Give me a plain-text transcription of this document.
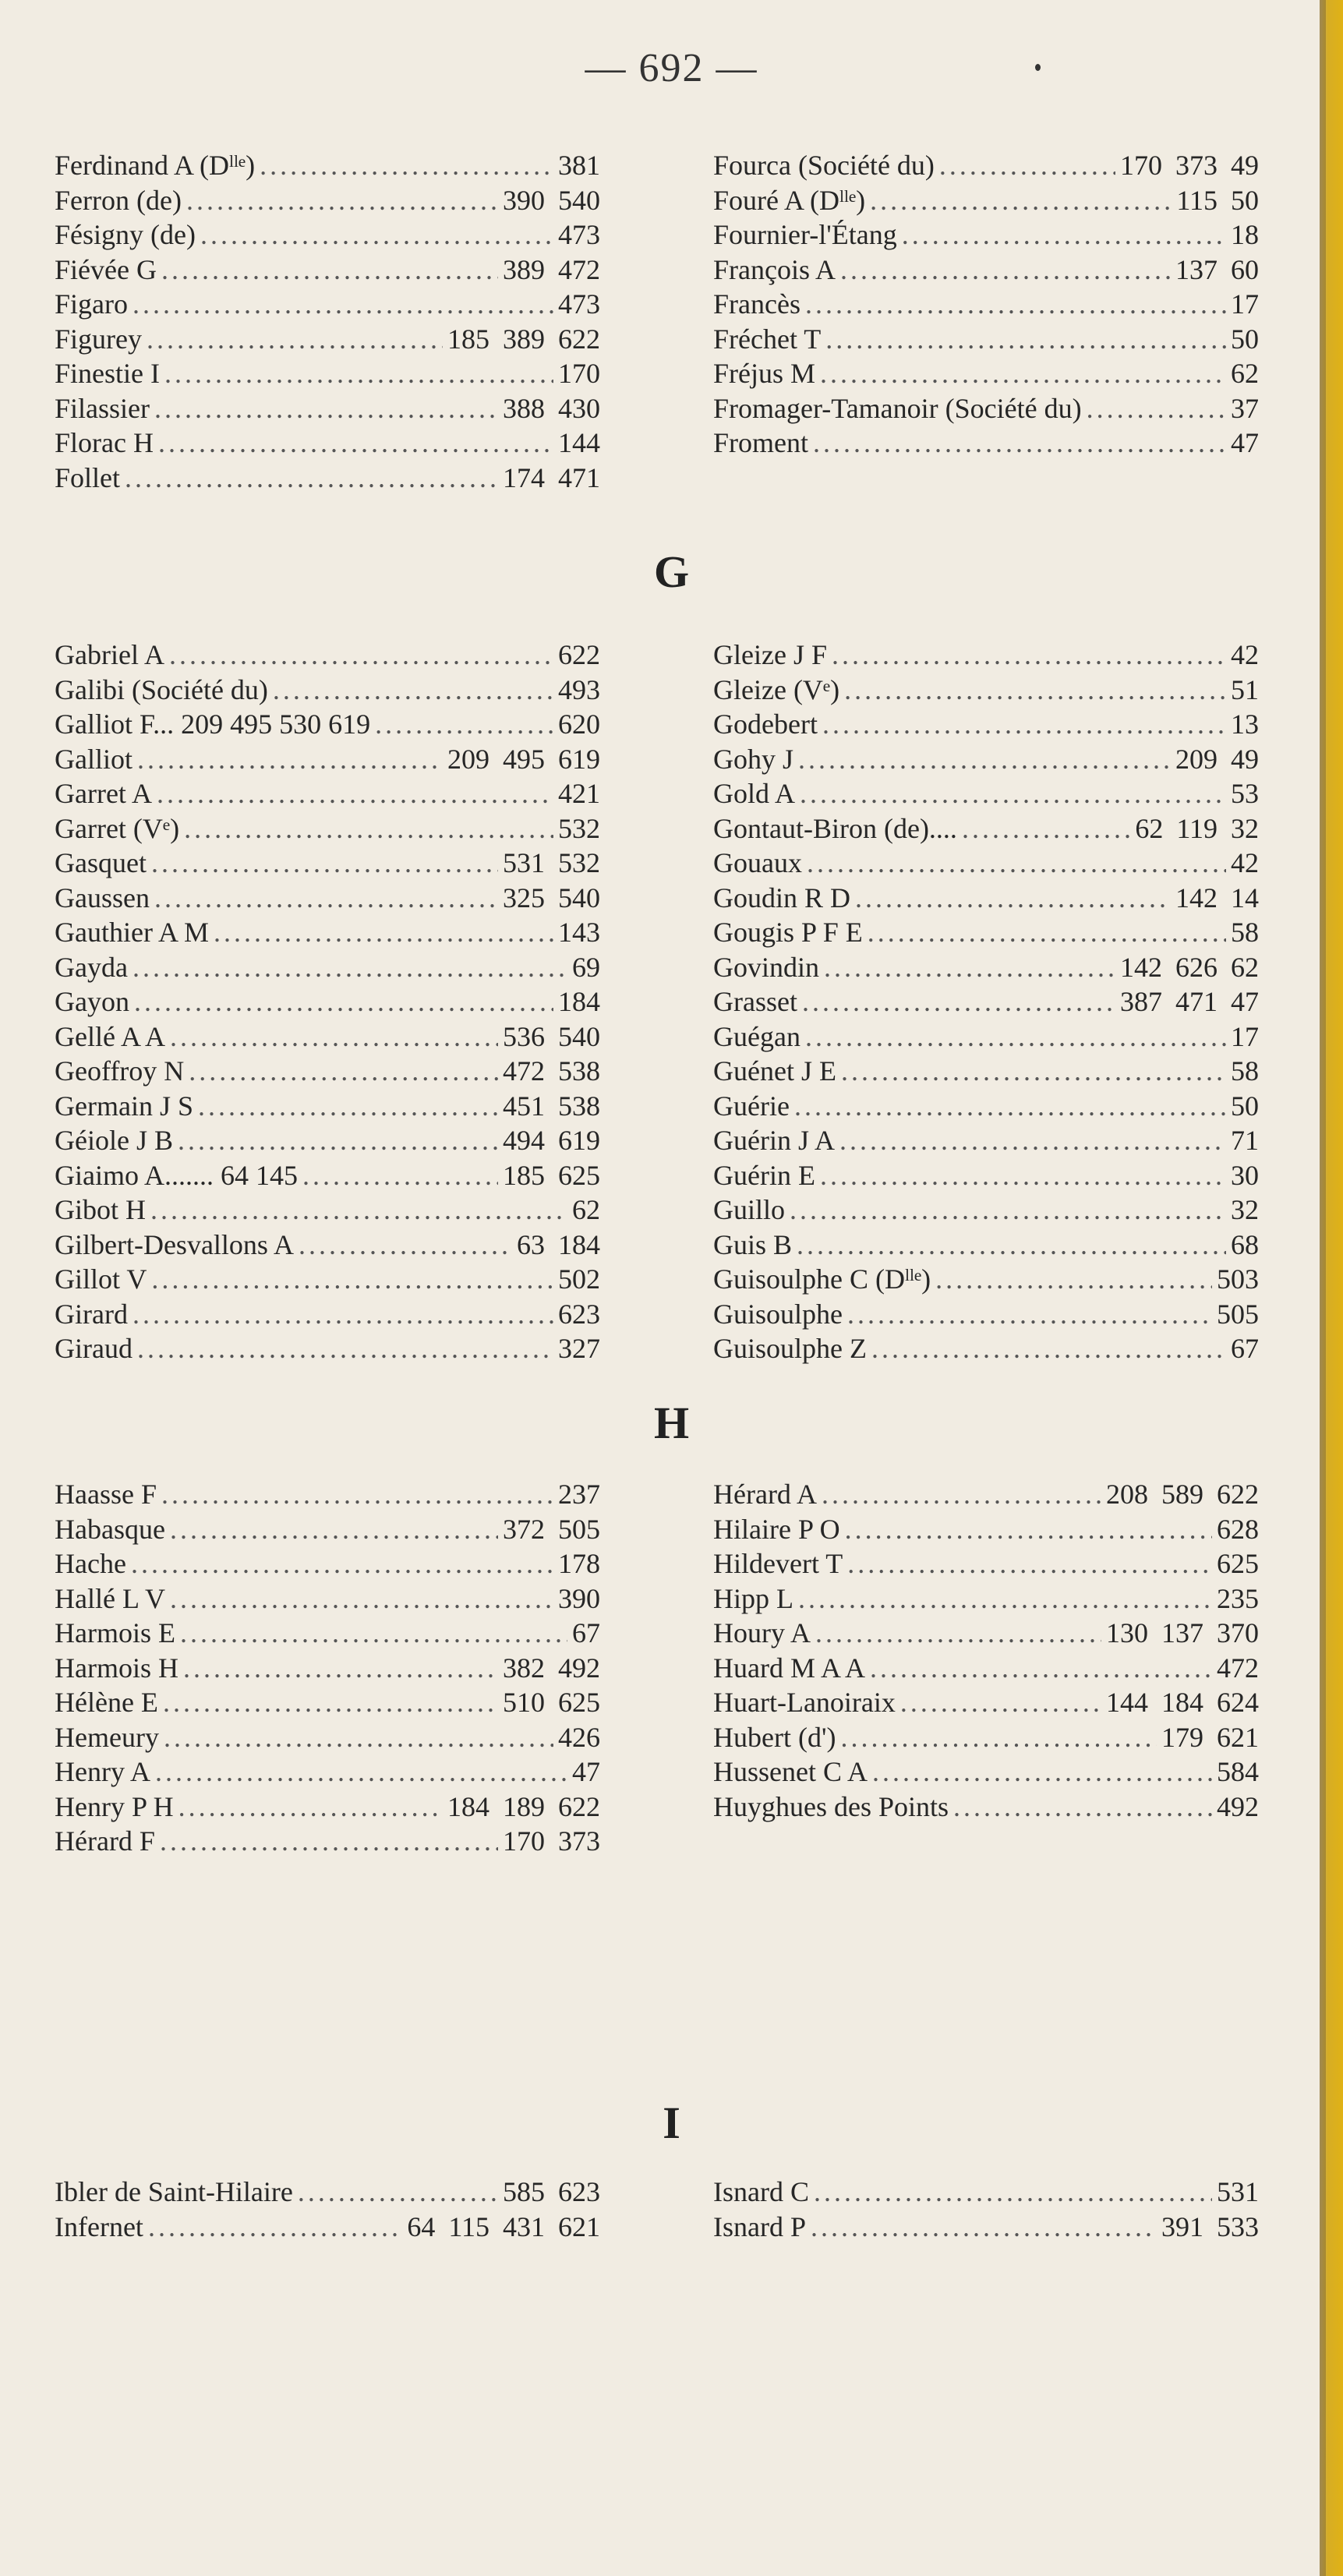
— 692 —
Ferdinand A (Dˡˡᵉ) .....	381
Ferron (de) .....	390 540
Fésigny (de) .....	473
Fiévée G .....	389 472
Figaro .....	473
Figurey .....	185 389 622
Finestie I .....	170
Filassier .....	388 430
Florac H .....	144
Follet .....	174 471
Fourca (Société du) .....	170 373 49
Fouré A (Dˡˡᵉ) .....	115 50
Fournier-l'Étang .....	18
François A .....	137 60
Francès .....	17
Fréchet T .....	50
Fréjus M .....	62
Fromager-Tamanoir (Société du) .....	37
Froment .....	47
G
Gabriel A .....	622
Galibi (Société du) .....	493
Galliot F... 209 495 530 619 .....	620
Galliot .....	209 495 619
Garret A .....	421
Garret (Vᵉ) .....	532
Gasquet .....	531 532
Gaussen .....	325 540
Gauthier A M .....	143
Gayda .....	69
Gayon .....	184
Gellé A A .....	536 540
Geoffroy N .....	472 538
Germain J S .....	451 538
Géiole J B .....	494 619
Giaimo A....... 64 145 .....	185 625
Gibot H .....	62
Gilbert-Desvallons A .....	63 184
Gillot V .....	502
Girard .....	623
Giraud .....	327
Gleize J F .....	42
Gleize (Vᵉ) .....	51
Godebert .....	13
Gohy J .....	209 49
Gold A .....	53
Gontaut-Biron (de).... .....	62 119 32
Gouaux .....	42
Goudin R D .....	142 14
Gougis P F E .....	58
Govindin .....	142 626 62
Grasset .....	387 471 47
Guégan .....	17
Guénet J E .....	58
Guérie .....	50
Guérin J A .....	71
Guérin E .....	30
Guillo .....	32
Guis B .....	68
Guisoulphe C (Dˡˡᵉ) .....	503
Guisoulphe .....	505
Guisoulphe Z .....	67
H
Haasse F .....	237
Habasque .....	372 505
Hache .....	178
Hallé L V .....	390
Harmois E .....	67
Harmois H .....	382 492
Hélène E .....	510 625
Hemeury .....	426
Henry A .....	47
Henry P H .....	184 189 622
Hérard F .....	170 373
Hérard A .....	208 589 622
Hilaire P O .....	628
Hildevert T .....	625
Hipp L .....	235
Houry A .....	130 137 370
Huard M A A .....	472
Huart-Lanoiraix .....	144 184 624
Hubert (d') .....	179 621
Hussenet C A .....	584
Huyghues des Points .....	492
I
Ibler de Saint-Hilaire .....	585 623
Infernet .....	64 115 431 621
Isnard C .....	531
Isnard P .....	391 533
